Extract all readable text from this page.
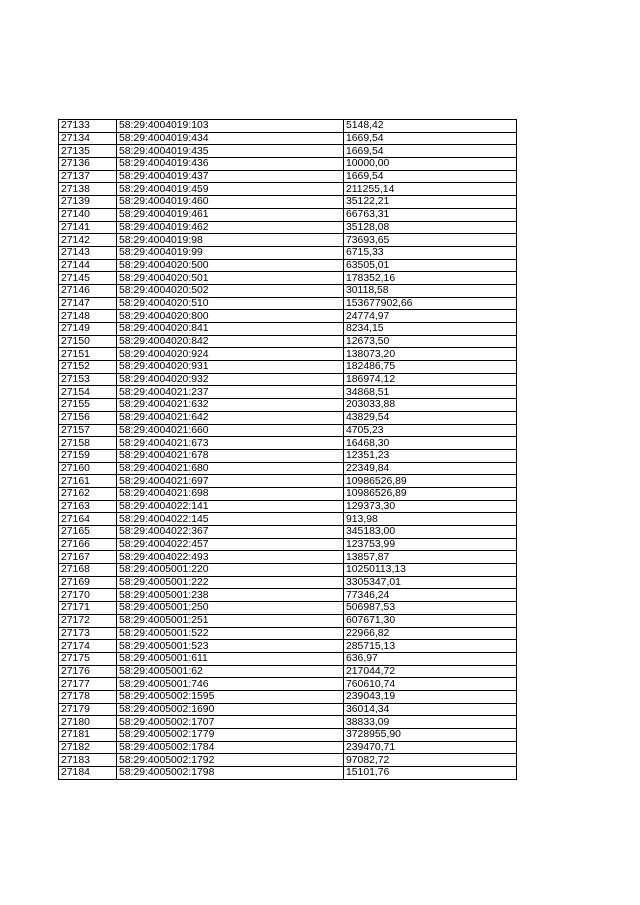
27133	58:29:4004019:103	5148,42
27134	58:29:4004019:434	1669,54
27135	58:29:4004019:435	1669,54
27136	58:29:4004019:436	10000,00
27137	58:29:4004019:437	1669,54
27138	58:29:4004019:459	211255,14
27139	58:29:4004019:460	35122,21
27140	58:29:4004019:461	66763,31
27141	58:29:4004019:462	35128,08
27142	58:29:4004019:98	73693,65
27143	58:29:4004019:99	6715,33
27144	58:29:4004020:500	63505,01
27145	58:29:4004020:501	178352,16
27146	58:29:4004020:502	30118,58
27147	58:29:4004020:510	153677902,66
27148	58:29:4004020:800	24774,97
27149	58:29:4004020:841	8234,15
27150	58:29:4004020:842	12673,50
27151	58:29:4004020:924	138073,20
27152	58:29:4004020:931	182486,75
27153	58:29:4004020:932	186974,12
27154	58:29:4004021:237	34868,51
27155	58:29:4004021:632	203033,88
27156	58:29:4004021:642	43829,54
27157	58:29:4004021:660	4705,23
27158	58:29:4004021:673	16468,30
27159	58:29:4004021:678	12351,23
27160	58:29:4004021:680	22349,84
27161	58:29:4004021:697	10986526,89
27162	58:29:4004021:698	10986526,89
27163	58:29:4004022:141	129373,30
27164	58:29:4004022:145	913,98
27165	58:29:4004022:367	345183,00
27166	58:29:4004022:457	123753,99
27167	58:29:4004022:493	13857,87
27168	58:29:4005001:220	10250113,13
27169	58:29:4005001:222	3305347,01
27170	58:29:4005001:238	77346,24
27171	58:29:4005001:250	506987,53
27172	58:29:4005001:251	607671,30
27173	58:29:4005001:522	22966,82
27174	58:29:4005001:523	285715,13
27175	58:29:4005001:611	636,97
27176	58:29:4005001:62	217044,72
27177	58:29:4005001:746	760610,74
27178	58:29:4005002:1595	239043,19
27179	58:29:4005002:1690	36014,34
27180	58:29:4005002:1707	38833,09
27181	58:29:4005002:1779	3728955,90
27182	58:29:4005002:1784	239470,71
27183	58:29:4005002:1792	97082,72
27184	58:29:4005002:1798	15101,76
